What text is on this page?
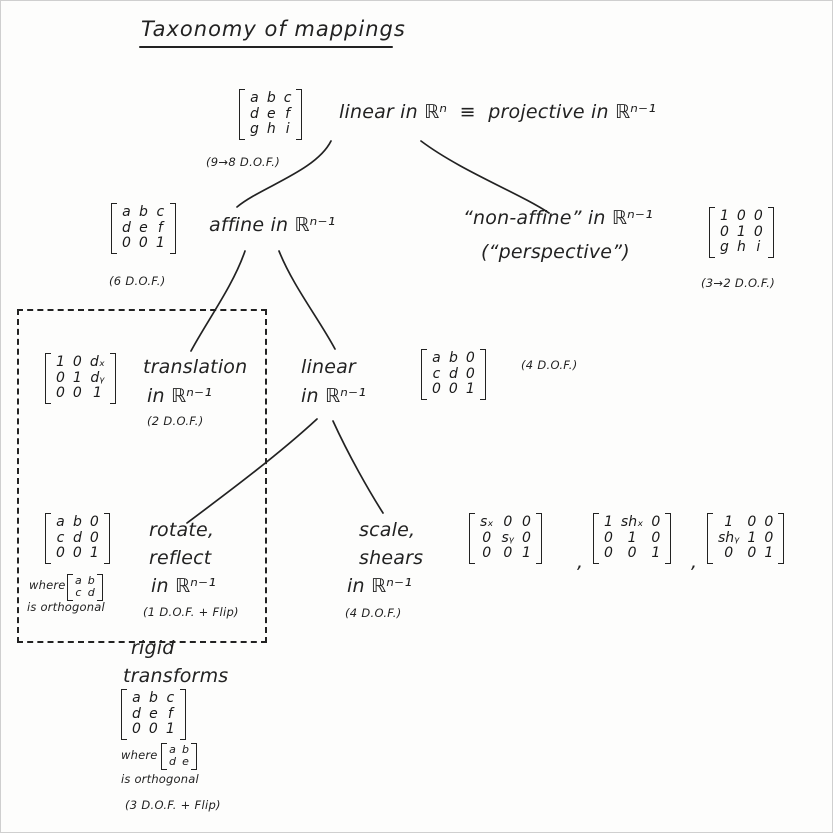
Taxonomy of mappings
a	b	c
d	e	f
g	h	i
linear in ℝⁿ  ≡  projective in ℝⁿ⁻¹
(9→8 D.O.F.)
a	b	c
d	e	f
0	0	1
affine in ℝⁿ⁻¹
(6 D.O.F.)
“non-affine” in ℝⁿ⁻¹
(“perspective”)
1	0	0
0	1	0
g	h	i
(3→2 D.O.F.)
1	0	dₓ
0	1	dᵧ
0	0	1
translation
in ℝⁿ⁻¹
(2 D.O.F.)
linear
in ℝⁿ⁻¹
a	b	0
c	d	0
0	0	1
(4 D.O.F.)
a	b	0
c	d	0
0	0	1
rotate,
reflect
in ℝⁿ⁻¹
(1 D.O.F. + Flip)
where a	b
c	d
is orthogonal
scale,
shears
in ℝⁿ⁻¹
(4 D.O.F.)
sₓ	0	0
0	sᵧ	0
0	0	1 ,
1	shₓ	0
0	1	0
0	0	1 ,
1	0	0
shᵧ	1	0
0	0	1
rigid
transforms
a	b	c
d	e	f
0	0	1
where a	b
d	e
is orthogonal
(3 D.O.F. + Flip)
